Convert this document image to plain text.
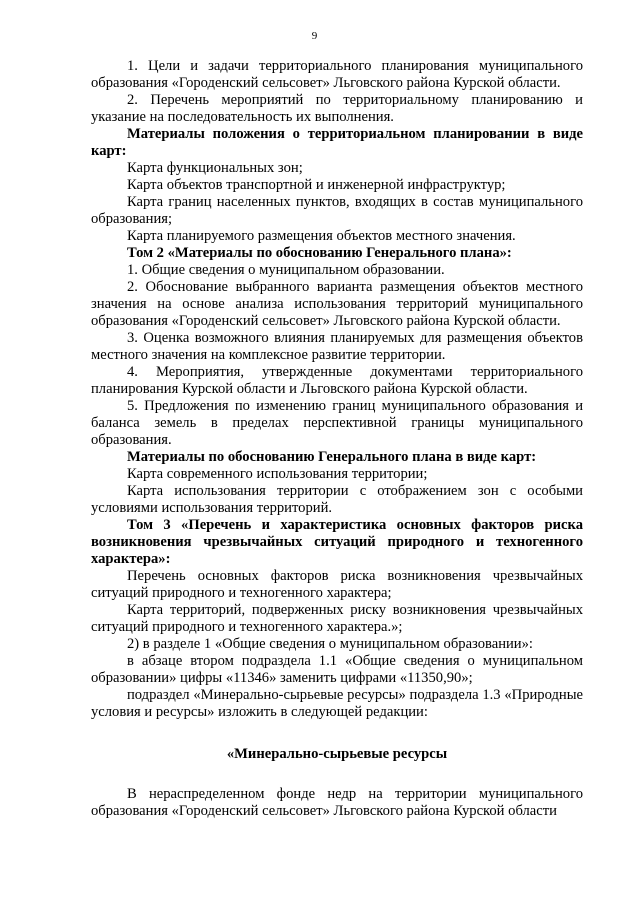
9

1. Цели и задачи территориального планирования муниципального образования «Городенский сельсовет» Льговского района Курской области.

2. Перечень мероприятий по территориальному планированию и указание на последовательность их выполнения.

Материалы положения о территориальном планировании в виде карт:

Карта функциональных зон;

Карта объектов транспортной и инженерной инфраструктур;

Карта границ населенных пунктов, входящих в состав муниципального образования;

Карта планируемого размещения объектов местного значения.

Том 2 «Материалы по обоснованию Генерального плана»:

1. Общие сведения о муниципальном образовании.

2. Обоснование выбранного варианта размещения объектов местного значения на основе анализа использования территорий муниципального образования «Городенский сельсовет» Льговского района Курской области.

3. Оценка возможного влияния планируемых для размещения объектов местного значения на комплексное развитие территории.

4. Мероприятия, утвержденные документами территориального планирования Курской области и Льговского района Курской области.

5. Предложения по изменению границ муниципального образования и баланса земель в пределах перспективной границы муниципального образования.

Материалы по обоснованию Генерального плана в виде карт:

Карта современного использования территории;

Карта использования территории с отображением зон с особыми условиями использования территорий.

Том 3 «Перечень и характеристика основных факторов риска возникновения чрезвычайных ситуаций природного и техногенного характера»:

Перечень основных факторов риска возникновения чрезвычайных ситуаций природного и техногенного характера;

Карта территорий, подверженных риску возникновения чрезвычайных ситуаций природного и техногенного характера.»;

2) в разделе 1 «Общие сведения о муниципальном образовании»:

в абзаце втором подраздела 1.1 «Общие сведения о муниципальном образовании» цифры «11346» заменить цифрами «11350,90»;

подраздел «Минерально-сырьевые ресурсы» подраздела 1.3 «Природные условия и ресурсы» изложить в следующей редакции:

«Минерально-сырьевые ресурсы

В нераспределенном фонде недр на территории муниципального образования «Городенский сельсовет» Льговского района Курской области
